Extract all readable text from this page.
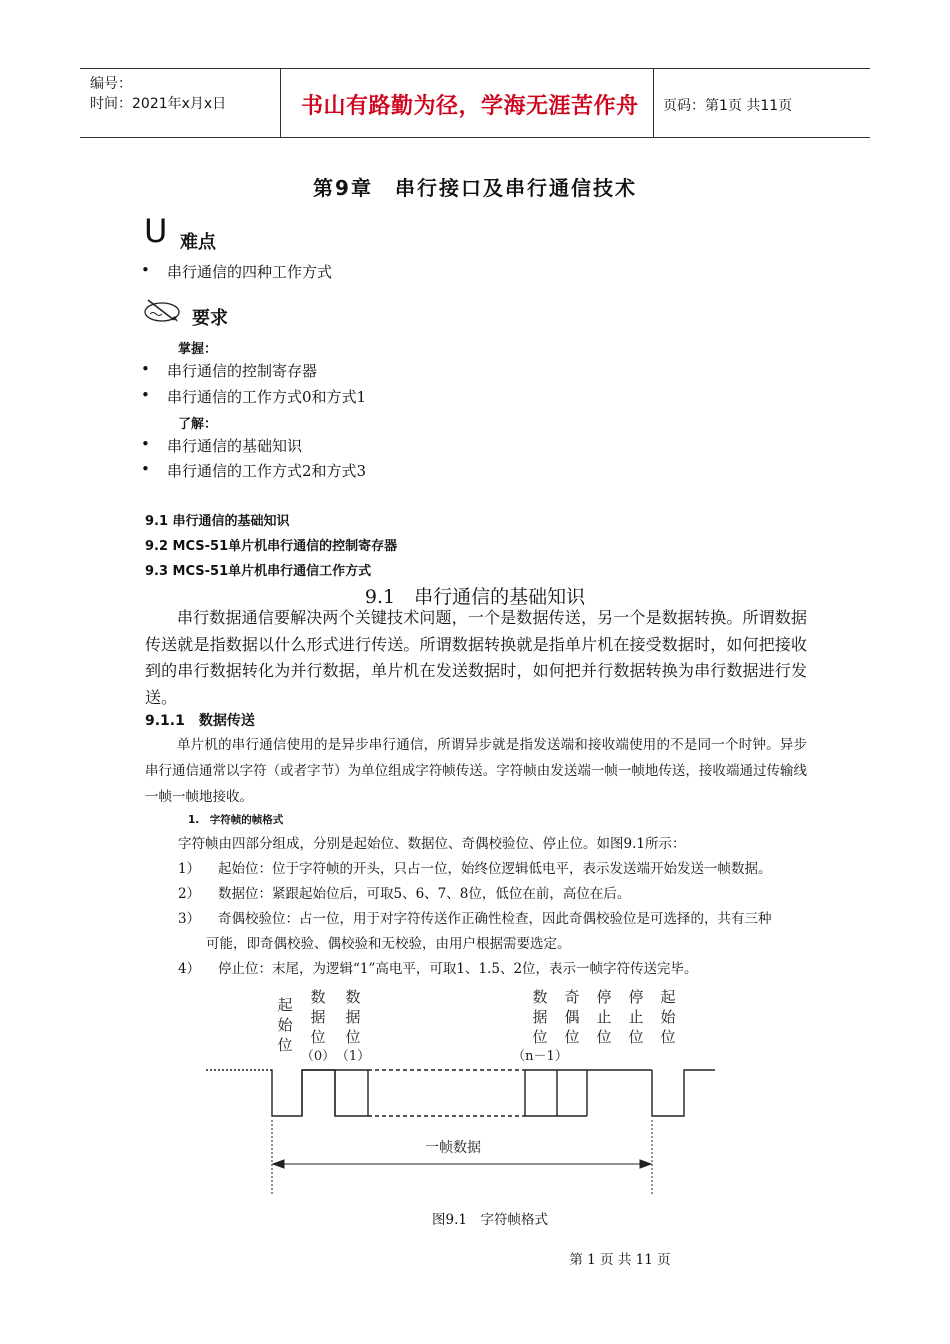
编号：
时间：2021年x月x日	书山有路勤为径，学海无涯苦作舟 页码：第1页 共11页
第9章　串行接口及串行通信技术
U 难点
• 串行通信的四种工作方式
要求
掌握：
• 串行通信的控制寄存器
• 串行通信的工作方式0和方式1
了解：
• 串行通信的基础知识
• 串行通信的工作方式2和方式3
9.1 串行通信的基础知识
9.2 MCS-51单片机串行通信的控制寄存器
9.3 MCS-51单片机串行通信工作方式
9.1　串行通信的基础知识
串行数据通信要解决两个关键技术问题，一个是数据传送，另一个是数据转换。所谓数据传送就是指数据以什么形式进行传送。所谓数据转换就是指单片机在接受数据时，如何把接收到的串行数据转化为并行数据，单片机在发送数据时，如何把并行数据转换为串行数据进行发送。
9.1.1　数据传送
单片机的串行通信使用的是异步串行通信，所谓异步就是指发送端和接收端使用的不是同一个时钟。异步串行通信通常以字符（或者字节）为单位组成字符帧传送。字符帧由发送端一帧一帧地传送，接收端通过传输线一帧一帧地接收。
1.　字符帧的帧格式
字符帧由四部分组成，分别是起始位、数据位、奇偶校验位、停止位。如图9.1所示：
1） 起始位：位于字符帧的开头，只占一位，始终位逻辑低电平，表示发送端开始发送一帧数据。
2） 数据位：紧跟起始位后，可取5、6、7、8位，低位在前，高位在后。
3） 奇偶校验位：占一位，用于对字符传送作正确性检查，因此奇偶校验位是可选择的，共有三种
可能，即奇偶校验、偶校验和无校验，由用户根据需要选定。
4） 停止位：末尾，为逻辑“1”高电平，可取1、1.5、2位，表示一帧字符传送完毕。
起
始
位
数
据
位
（0）
数
据
位
（1）
数
据
位
（n－1）
奇
偶
位
停
止
位
停
止
位
起
始
位
一帧数据
图9.1　字符帧格式
第 1 页 共 11 页
